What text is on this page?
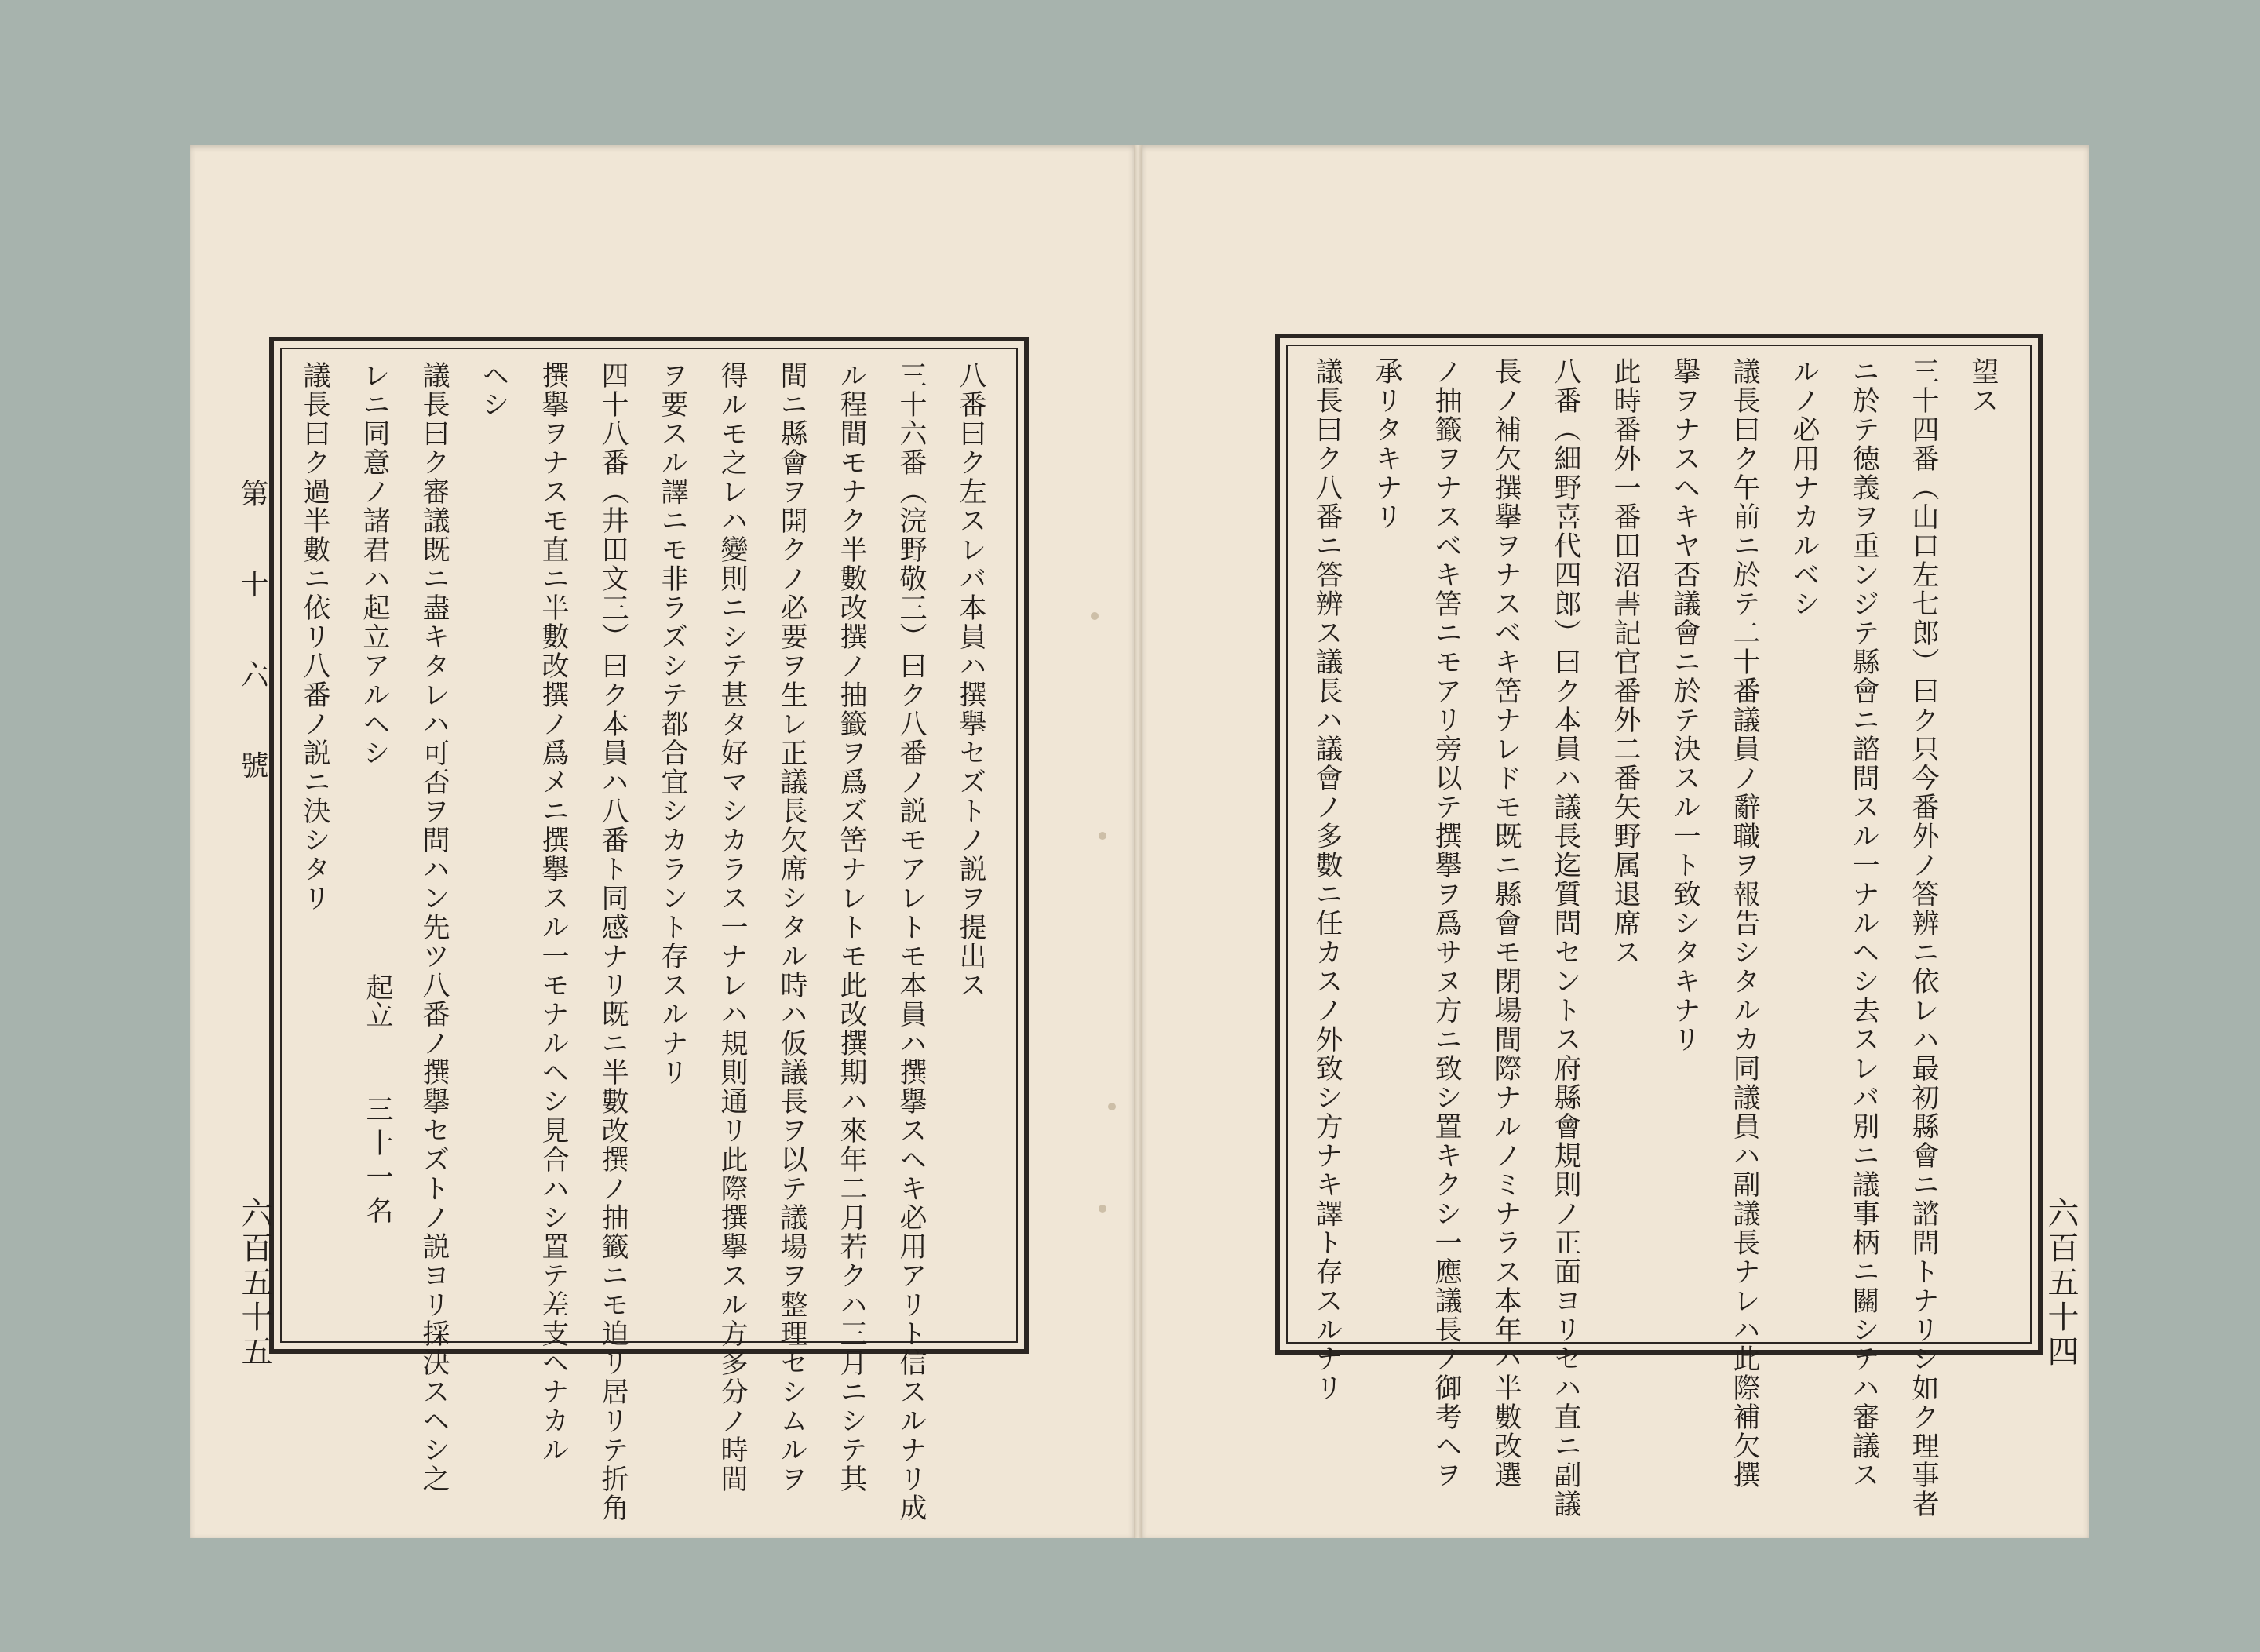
望ス
三十四番（山口左七郎）曰ク只今番外ノ答辨ニ依レハ最初縣會ニ諮問トナリシ如ク理事者
ニ於テ徳義ヲ重ンジテ縣會ニ諮問スル一ナルヘシ去スレバ別ニ議事柄ニ關シテハ審議ス
ルノ必用ナカルベシ
議長曰ク午前ニ於テ二十番議員ノ辭職ヲ報告シタルカ同議員ハ副議長ナレハ此際補欠撰
擧ヲナスヘキヤ否議會ニ於テ決スル一ト致シタキナリ
此時番外一番田沼書記官番外二番矢野属退席ス
八番（細野喜代四郎）曰ク本員ハ議長迄質問セントス府縣會規則ノ正面ヨリセハ直ニ副議
長ノ補欠撰擧ヲナスベキ筈ナレドモ既ニ縣會モ閉場間際ナルノミナラス本年ハ半數改選
ノ抽籤ヲナスベキ筈ニモアリ旁以テ撰擧ヲ爲サヌ方ニ致シ置キクシ一應議長ノ御考ヘヲ
承リタキナリ
議長曰ク八番ニ答辨ス議長ハ議會ノ多數ニ任カスノ外致シ方ナキ譯ト存スルナリ
八番曰ク左スレバ本員ハ撰擧セズトノ説ヲ提出ス
三十六番（浣野敬三）曰ク八番ノ説モアレトモ本員ハ撰擧スヘキ必用アリト信スルナリ成
ル程間モナク半數改撰ノ抽籤ヲ爲ズ筈ナレトモ此改撰期ハ來年二月若クハ三月ニシテ其
間ニ縣會ヲ開クノ必要ヲ生レ正議長欠席シタル時ハ仮議長ヲ以テ議場ヲ整理セシムルヲ
得ルモ之レハ變則ニシテ甚タ好マシカラス一ナレハ規則通リ此際撰擧スル方多分ノ時間
ヲ要スル譯ニモ非ラズシテ都合宜シカラント存スルナリ
四十八番（井田文三）曰ク本員ハ八番ト同感ナリ既ニ半數改撰ノ抽籤ニモ迫リ居リテ折角
撰擧ヲナスモ直ニ半數改撰ノ爲メニ撰擧スル一モナルヘシ見合ハシ置テ差支ヘナカル
ヘシ
議長曰ク審議既ニ盡キタレハ可否ヲ問ハン先ツ八番ノ撰擧セズトノ説ヨリ採決スヘシ之
レニ同意ノ諸君ハ起立アルヘシ
議長曰ク過半數ニ依リ八番ノ説ニ決シタリ
起立
三十一名
第 十 六 號
六百五十五	六百五十四
